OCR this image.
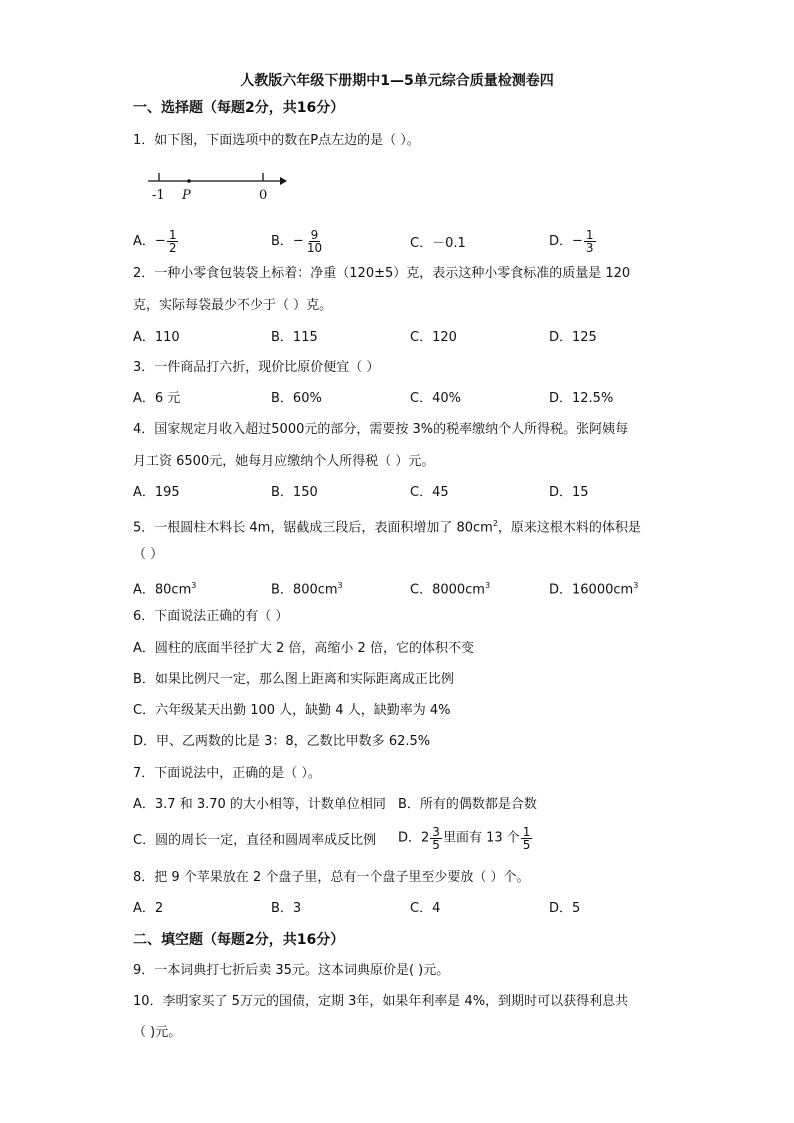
人教版六年级下册期中1—5单元综合质量检测卷四
一、选择题（每题2分，共16分）
1．如下图，下面选项中的数在P点左边的是（ ）。
-1 P	0
A．− $\frac{1}{2}$	B．− $\frac{9}{10}$	C．－0.1	D．− $\frac{1}{3}$
2．一种小零食包装袋上标着：净重（120±5）克，表示这种小零食标准的质量是 120
克，实际每袋最少不少于（ ）克。
A．110	B．115	C．120	D．125
3．一件商品打六折，现价比原价便宜（ ）
A．6 元	B．60%	C．40%	D．12.5%
4．国家规定月收入超过5000元的部分，需要按 3%的税率缴纳个人所得税。张阿姨每
月工资 6500元，她每月应缴纳个人所得税（ ）元。
A．195	B．150	C．45	D．15
5．一根圆柱木料长 4m，锯截成三段后，表面积增加了 $80cm^2$，原来这根木料的体积是
（ ）
A．$80cm^3$	B．$800cm^3$	C．$8000cm^3$	D．$16000cm^3$
6．下面说法正确的有（ ）
A．圆柱的底面半径扩大 2 倍，高缩小 2 倍，它的体积不变
B．如果比例尺一定，那么图上距离和实际距离成正比例
C．六年级某天出勤 100 人，缺勤 4 人，缺勤率为 4%
D．甲、乙两数的比是 3：8，乙数比甲数多 62.5%
7．下面说法中，正确的是（ ）。
A．3.7 和 3.70 的大小相等，计数单位相同 B．所有的偶数都是合数
C．圆的周长一定，直径和圆周率成反比例 D．$2 \frac{3}{5}$ 里面有 13 个 $\frac{1}{5}$
8．把 9 个苹果放在 2 个盘子里，总有一个盘子里至少要放（ ）个。
A．2	B．3	C．4	D．5
二、填空题（每题2分，共16分）
9．一本词典打七折后卖 35元。这本词典原价是( )元。
10．李明家买了 5万元的国债，定期 3年，如果年利率是 4%，到期时可以获得利息共
（ )元。
